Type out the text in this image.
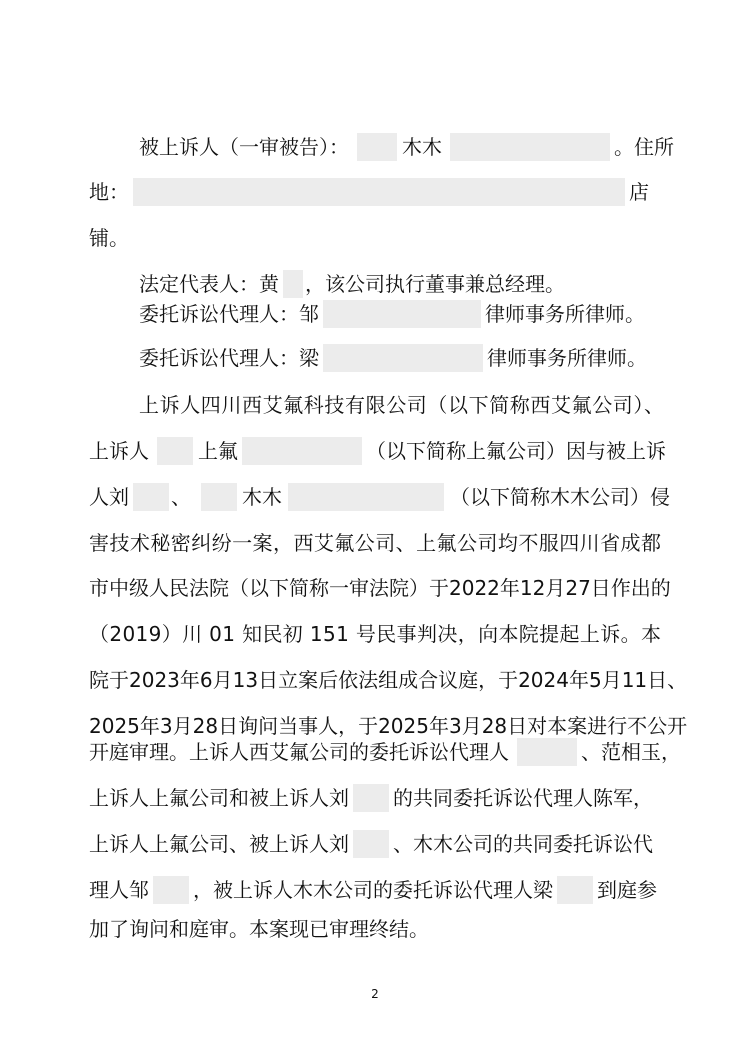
被上诉人（一审被告）：	木木	。住所
地：	店
铺。
法定代表人：黄 ，该公司执行董事兼总经理。
委托诉讼代理人：邹	律师事务所律师。
委托诉讼代理人：梁	律师事务所律师。
上诉人四川西艾氟科技有限公司（以下简称西艾氟公司）、
上诉人 上氟	（以下简称上氟公司）因与被上诉
人刘 、	木木	（以下简称木木公司）侵
害技术秘密纠纷一案，西艾氟公司、上氟公司均不服四川省成都
市中级人民法院（以下简称一审法院）于2022年12月27日作出的
（2019）川 01 知民初 151 号民事判决，向本院提起上诉。本
院于2023年6月13日立案后依法组成合议庭，于2024年5月11日、
2025年3月28日询问当事人，于2025年3月28日对本案进行不公开
开庭审理。上诉人西艾氟公司的委托诉讼代理人	、范相玉，
上诉人上氟公司和被上诉人刘 的共同委托诉讼代理人陈军，
上诉人上氟公司、被上诉人刘 、木木公司的共同委托诉讼代
理人邹 ，被上诉人木木公司的委托诉讼代理人梁 到庭参
加了询问和庭审。本案现已审理终结。
2
